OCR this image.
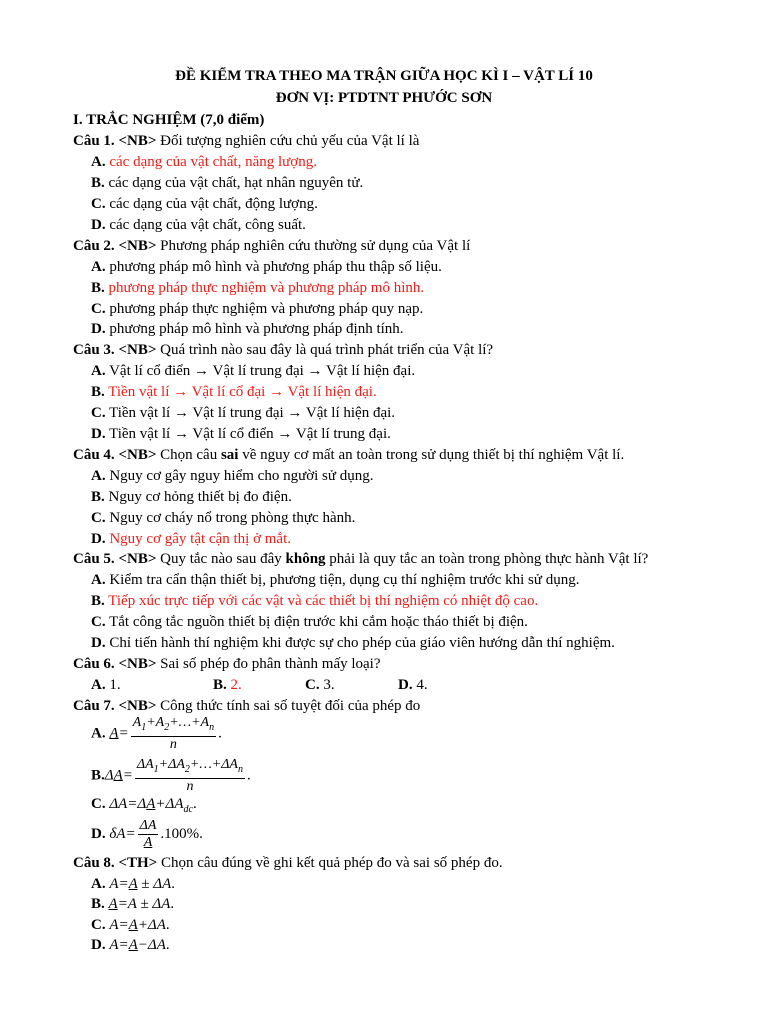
ĐỀ KIỂM TRA THEO MA TRẬN GIỮA HỌC KÌ I – VẬT LÍ 10
ĐƠN VỊ: PTDTNT PHƯỚC SƠN
I. TRẮC NGHIỆM (7,0 điểm)
Câu 1. <NB> Đối tượng nghiên cứu chủ yếu của Vật lí là
A. các dạng của vật chất, năng lượng.
B. các dạng của vật chất, hạt nhân nguyên tử.
C. các dạng của vật chất, động lượng.
D. các dạng của vật chất, công suất.
Câu 2. <NB> Phương pháp nghiên cứu thường sử dụng của Vật lí
A. phương pháp mô hình và phương pháp thu thập số liệu.
B. phương pháp thực nghiệm và phương pháp mô hình.
C. phương pháp thực nghiệm và phương pháp quy nạp.
D. phương pháp mô hình và phương pháp định tính.
Câu 3. <NB> Quá trình nào sau đây là quá trình phát triển của Vật lí?
A. Vật lí cổ điển → Vật lí trung đại → Vật lí hiện đại.
B. Tiền vật lí → Vật lí cổ đại → Vật lí hiện đại.
C. Tiền vật lí → Vật lí trung đại → Vật lí hiện đại.
D. Tiền vật lí → Vật lí cổ điển → Vật lí trung đại.
Câu 4. <NB> Chọn câu sai về nguy cơ mất an toàn trong sử dụng thiết bị thí nghiệm Vật lí.
A. Nguy cơ gây nguy hiểm cho người sử dụng.
B. Nguy cơ hỏng thiết bị đo điện.
C. Nguy cơ cháy nổ trong phòng thực hành.
D. Nguy cơ gây tật cận thị ở mắt.
Câu 5. <NB> Quy tắc nào sau đây không phải là quy tắc an toàn trong phòng thực hành Vật lí?
A. Kiểm tra cẩn thận thiết bị, phương tiện, dụng cụ thí nghiệm trước khi sử dụng.
B. Tiếp xúc trực tiếp với các vật và các thiết bị thí nghiệm có nhiệt độ cao.
C. Tắt công tắc nguồn thiết bị điện trước khi cắm hoặc tháo thiết bị điện.
D. Chỉ tiến hành thí nghiệm khi được sự cho phép của giáo viên hướng dẫn thí nghiệm.
Câu 6. <NB> Sai số phép đo phân thành mấy loại?
A. 1.	B. 2.	C. 3.	D. 4.
Câu 7. <NB> Công thức tính sai số tuyệt đối của phép đo
A. $A= \frac{A_1+A_2+\dots+A_n}{n}$ .
$B.\Delta A= \frac{\Delta A_1+\Delta A_2+\dots+\Delta A_n}{n}$ .
C. $\Delta A=\Delta A+\Delta A_{dc}$.
D. $\delta A= \frac{\Delta A}{A} .100\%$.
Câu 8. <TH> Chọn câu đúng về ghi kết quả phép đo và sai số phép đo.
A. A=A ± ΔA.
B. A=A ± ΔA.
C. A=A+ΔA.
D. A=A−ΔA.
